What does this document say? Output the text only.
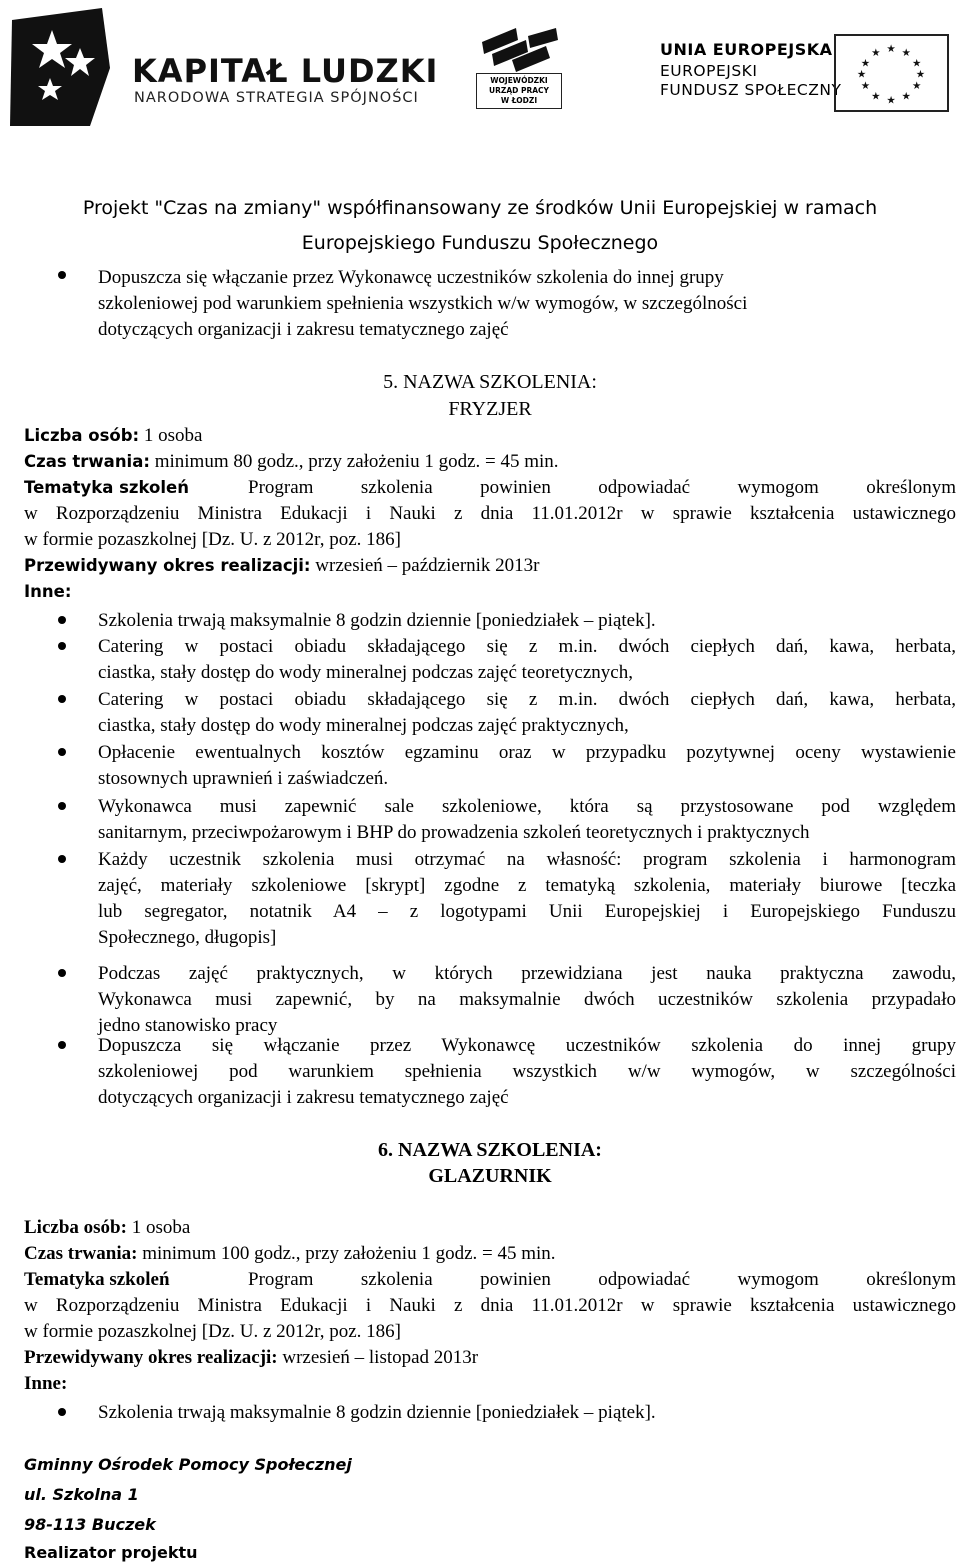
KAPITAŁ LUDZKI
NARODOWA STRATEGIA SPÓJNOŚCI
WOJEWÓDZKI
URZĄD PRACY
W ŁODZI
UNIA EUROPEJSKA
EUROPEJSKI
FUNDUSZ SPOŁECZNY
★ ★
★
★
★
★
★
★
★
★
★
★
Projekt "Czas na zmiany" współfinansowany ze środków Unii Europejskiej w ramach
Europejskiego Funduszu Społecznego
Dopuszcza się włączanie przez Wykonawcę uczestników szkolenia do innej grupy
szkoleniowej pod warunkiem spełnienia wszystkich w/w wymogów, w szczególności
dotyczących organizacji i zakresu tematycznego zajęć
5. NAZWA SZKOLENIA:
FRYZJER
Liczba osób: 1 osoba
Czas trwania: minimum 80 godz., przy założeniu 1 godz. = 45 min.
Tematyka szkoleń	Program szkolenia powinien odpowiadać wymogom określonym
w Rozporządzeniu Ministra Edukacji i Nauki z dnia 11.01.2012r w sprawie kształcenia ustawicznego
w formie pozaszkolnej [Dz. U. z 2012r, poz. 186]
Przewidywany okres realizacji: wrzesień – październik 2013r
Inne:
Szkolenia trwają maksymalnie 8 godzin dziennie [poniedziałek – piątek].
Catering w postaci obiadu składającego się z m.in. dwóch ciepłych dań, kawa, herbata,
ciastka, stały dostęp do wody mineralnej podczas zajęć teoretycznych,
Catering w postaci obiadu składającego się z m.in. dwóch ciepłych dań, kawa, herbata,
ciastka, stały dostęp do wody mineralnej podczas zajęć praktycznych,
Opłacenie ewentualnych kosztów egzaminu oraz w przypadku pozytywnej oceny wystawienie
stosownych uprawnień i zaświadczeń.
Wykonawca musi zapewnić sale szkoleniowe, która są przystosowane pod względem
sanitarnym, przeciwpożarowym i BHP do prowadzenia szkoleń teoretycznych i praktycznych
Każdy uczestnik szkolenia musi otrzymać na własność: program szkolenia i harmonogram
zajęć, materiały szkoleniowe [skrypt] zgodne z tematyką szkolenia, materiały biurowe [teczka
lub segregator, notatnik A4 – z logotypami Unii Europejskiej i Europejskiego Funduszu
Społecznego, długopis]
Podczas zajęć praktycznych, w których przewidziana jest nauka praktyczna zawodu,
Wykonawca musi zapewnić, by na maksymalnie dwóch uczestników szkolenia przypadało
jedno stanowisko pracy
Dopuszcza się włączanie przez Wykonawcę uczestników szkolenia do innej grupy
szkoleniowej pod warunkiem spełnienia wszystkich w/w wymogów, w szczególności
dotyczących organizacji i zakresu tematycznego zajęć
6. NAZWA SZKOLENIA:
GLAZURNIK
Liczba osób: 1 osoba
Czas trwania: minimum 100 godz., przy założeniu 1 godz. = 45 min.
Tematyka szkoleń	Program szkolenia powinien odpowiadać wymogom określonym
w Rozporządzeniu Ministra Edukacji i Nauki z dnia 11.01.2012r w sprawie kształcenia ustawicznego
w formie pozaszkolnej [Dz. U. z 2012r, poz. 186]
Przewidywany okres realizacji: wrzesień – listopad 2013r
Inne:
Szkolenia trwają maksymalnie 8 godzin dziennie [poniedziałek – piątek].
Gminny Ośrodek Pomocy Społecznej
ul. Szkolna 1
98-113 Buczek
Realizator projektu
